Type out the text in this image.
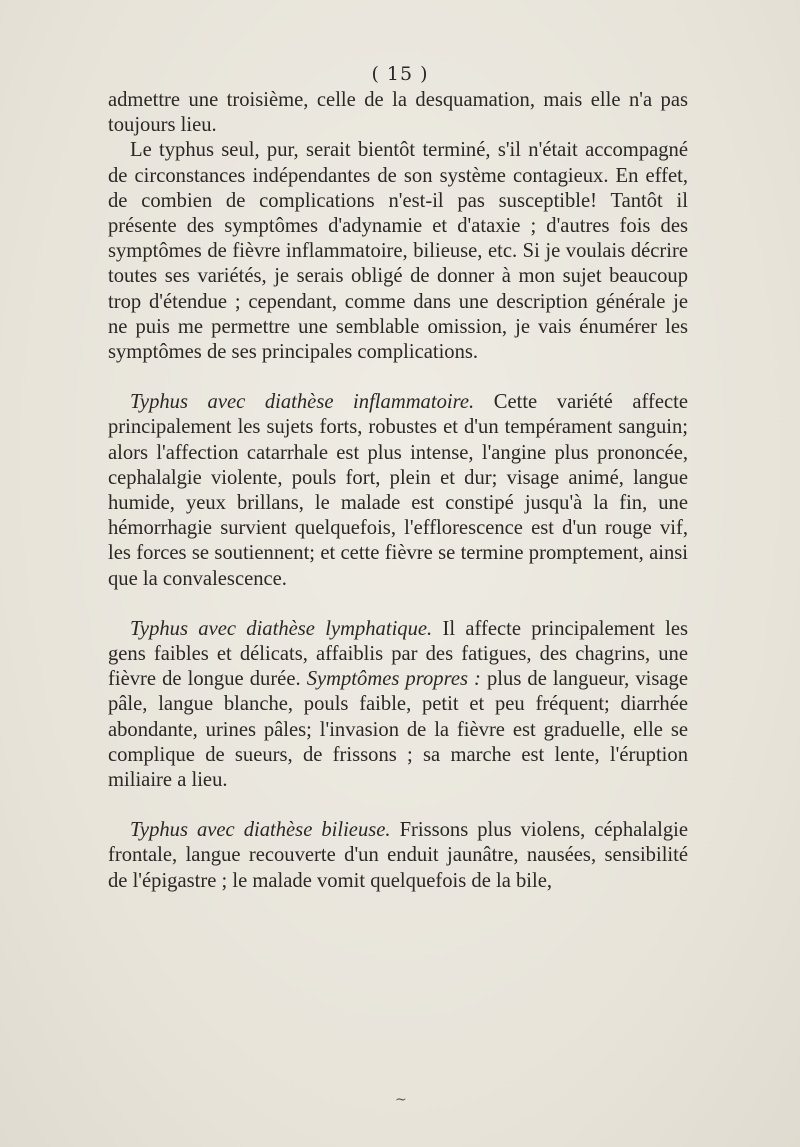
( 15 )

admettre une troisième, celle de la desquamation, mais elle n'a pas toujours lieu.

Le typhus seul, pur, serait bientôt terminé, s'il n'était accompagné de circonstances indépendantes de son système contagieux. En effet, de combien de complications n'est-il pas susceptible! Tantôt il présente des symptômes d'adynamie et d'ataxie ; d'autres fois des symptômes de fièvre inflammatoire, bilieuse, etc. Si je voulais décrire toutes ses variétés, je serais obligé de donner à mon sujet beaucoup trop d'étendue ; cependant, comme dans une description générale je ne puis me permettre une semblable omission, je vais énumérer les symptômes de ses principales complications.

Typhus avec diathèse inflammatoire. Cette variété affecte principalement les sujets forts, robustes et d'un tempérament sanguin; alors l'affection catarrhale est plus intense, l'angine plus prononcée, cephalalgie violente, pouls fort, plein et dur; visage animé, langue humide, yeux brillans, le malade est constipé jusqu'à la fin, une hémorrhagie survient quelquefois, l'efflorescence est d'un rouge vif, les forces se soutiennent; et cette fièvre se termine promptement, ainsi que la convalescence.

Typhus avec diathèse lymphatique. Il affecte principalement les gens faibles et délicats, affaiblis par des fatigues, des chagrins, une fièvre de longue durée. Symptômes propres : plus de langueur, visage pâle, langue blanche, pouls faible, petit et peu fréquent; diarrhée abondante, urines pâles; l'invasion de la fièvre est graduelle, elle se complique de sueurs, de frissons ; sa marche est lente, l'éruption miliaire a lieu.

Typhus avec diathèse bilieuse. Frissons plus violens, céphalalgie frontale, langue recouverte d'un enduit jaunâtre, nausées, sensibilité de l'épigastre ; le malade vomit quelquefois de la bile,

~
